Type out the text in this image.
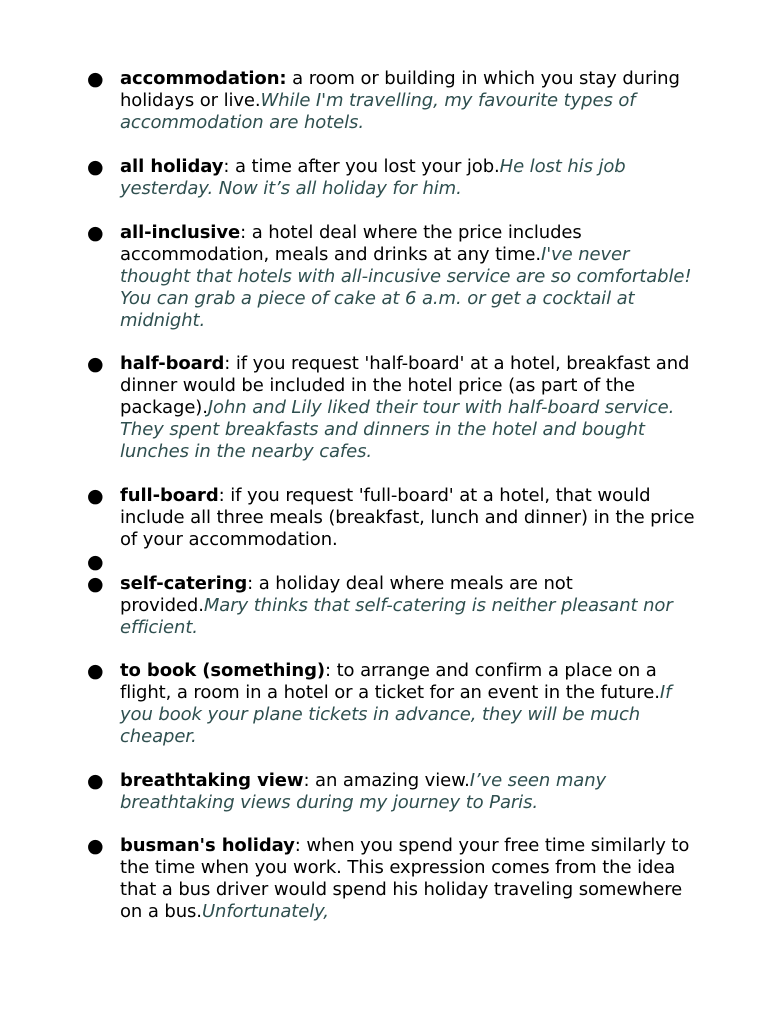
● accommodation: a room or building in which you stay during holidays or live.While I'm travelling, my favourite types of accommodation are hotels.
● all holiday: a time after you lost your job.He lost his job yesterday. Now it’s all holiday for him.
● all-inclusive: a hotel deal where the price includes accommodation, meals and drinks at any time.I've never thought that hotels with all-incusive service are so comfortable! You can grab a piece of cake at 6 a.m. or get a cocktail at midnight.
● half-board: if you request 'half-board' at a hotel, breakfast and dinner would be included in the hotel price (as part of the package).John and Lily liked their tour with half-board service. They spent breakfasts and dinners in the hotel and bought lunches in the nearby cafes.
● full-board: if you request 'full-board' at a hotel, that would include all three meals (breakfast, lunch and dinner) in the price of your accommodation.
●
● self-catering: a holiday deal where meals are not provided.Mary thinks that self-catering is neither pleasant nor efficient.
● to book (something): to arrange and confirm a place on a flight, a room in a hotel or a ticket for an event in the future.If you book your plane tickets in advance, they will be much cheaper.
● breathtaking view: an amazing view.I’ve seen many breathtaking views during my journey to Paris.
● busman's holiday: when you spend your free time similarly to the time when you work. This expression comes from the idea that a bus driver would spend his holiday traveling somewhere on a bus.Unfortunately,
